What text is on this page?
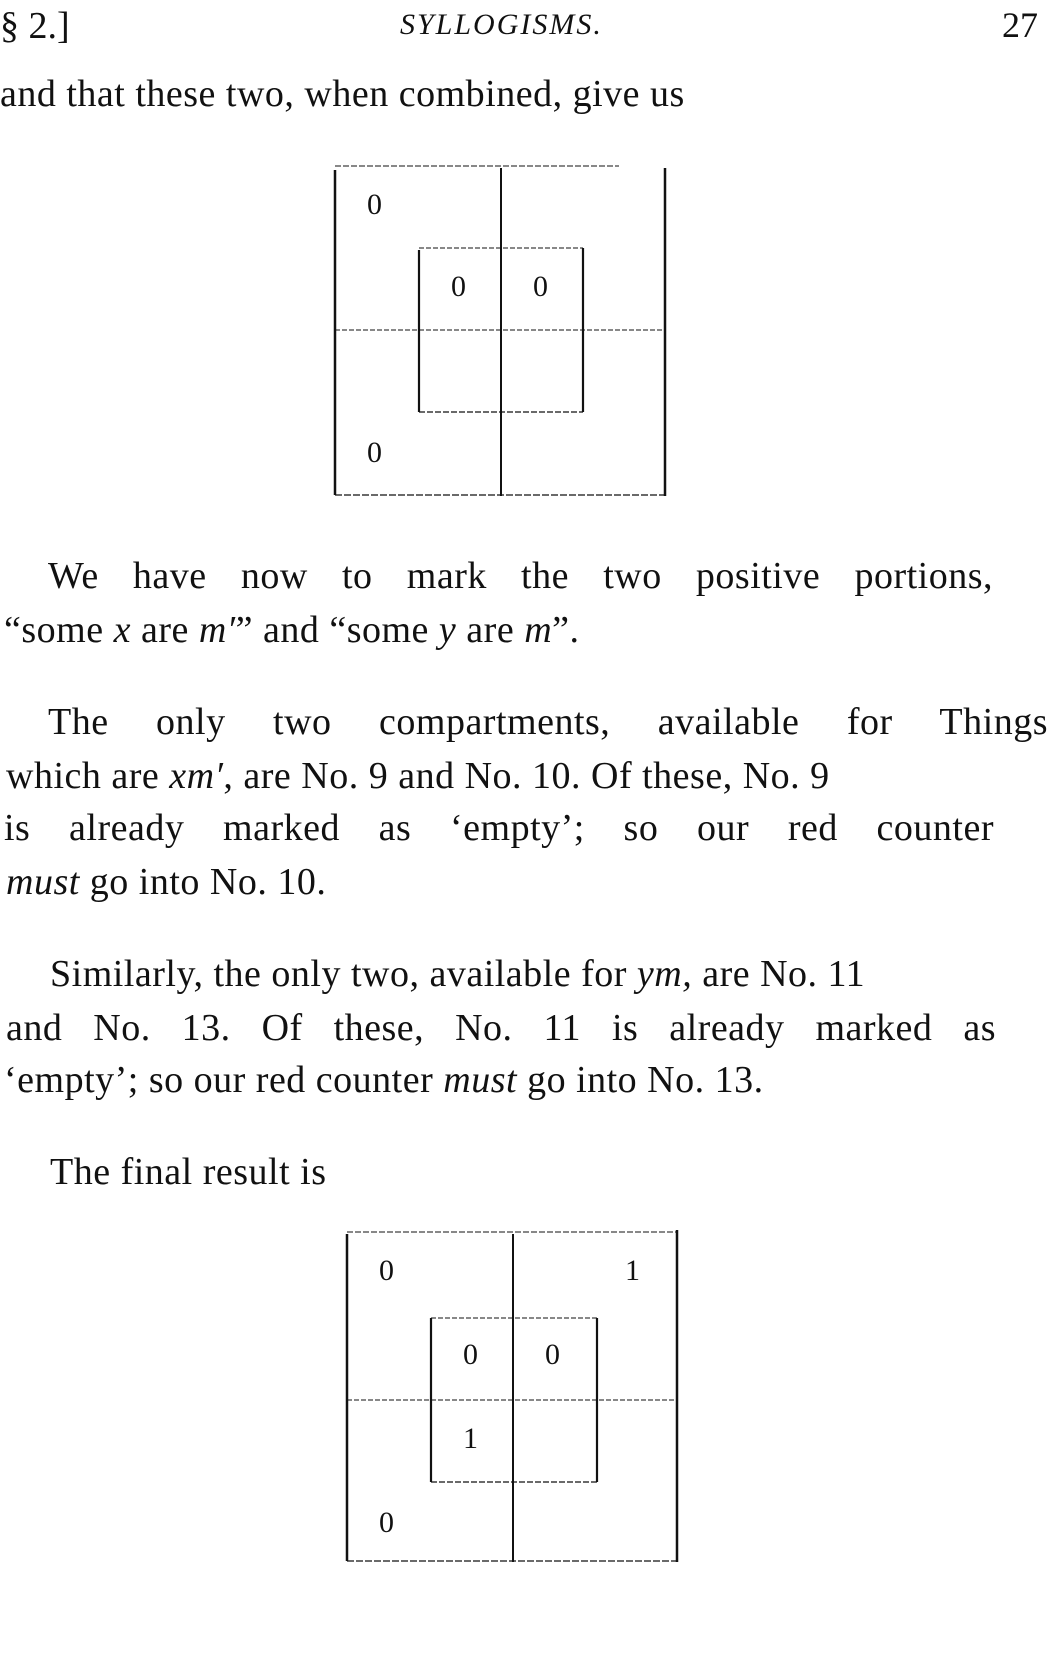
§ 2.]	SYLLOGISMS.	27
and that these two, when combined, give us
0
0
0 0
We have now to mark the two positive portions,
“some x are m′” and “some y are m”.
The only two compartments, available for Things
which are xm′, are No. 9 and No. 10. Of these, No. 9
is already marked as ‘empty’; so our red counter
must go into No. 10.
Similarly, the only two, available for ym, are No. 11
and No. 13. Of these, No. 11 is already marked as
‘empty’; so our red counter must go into No. 13.
The final result is
0	1
0
0 0
1
